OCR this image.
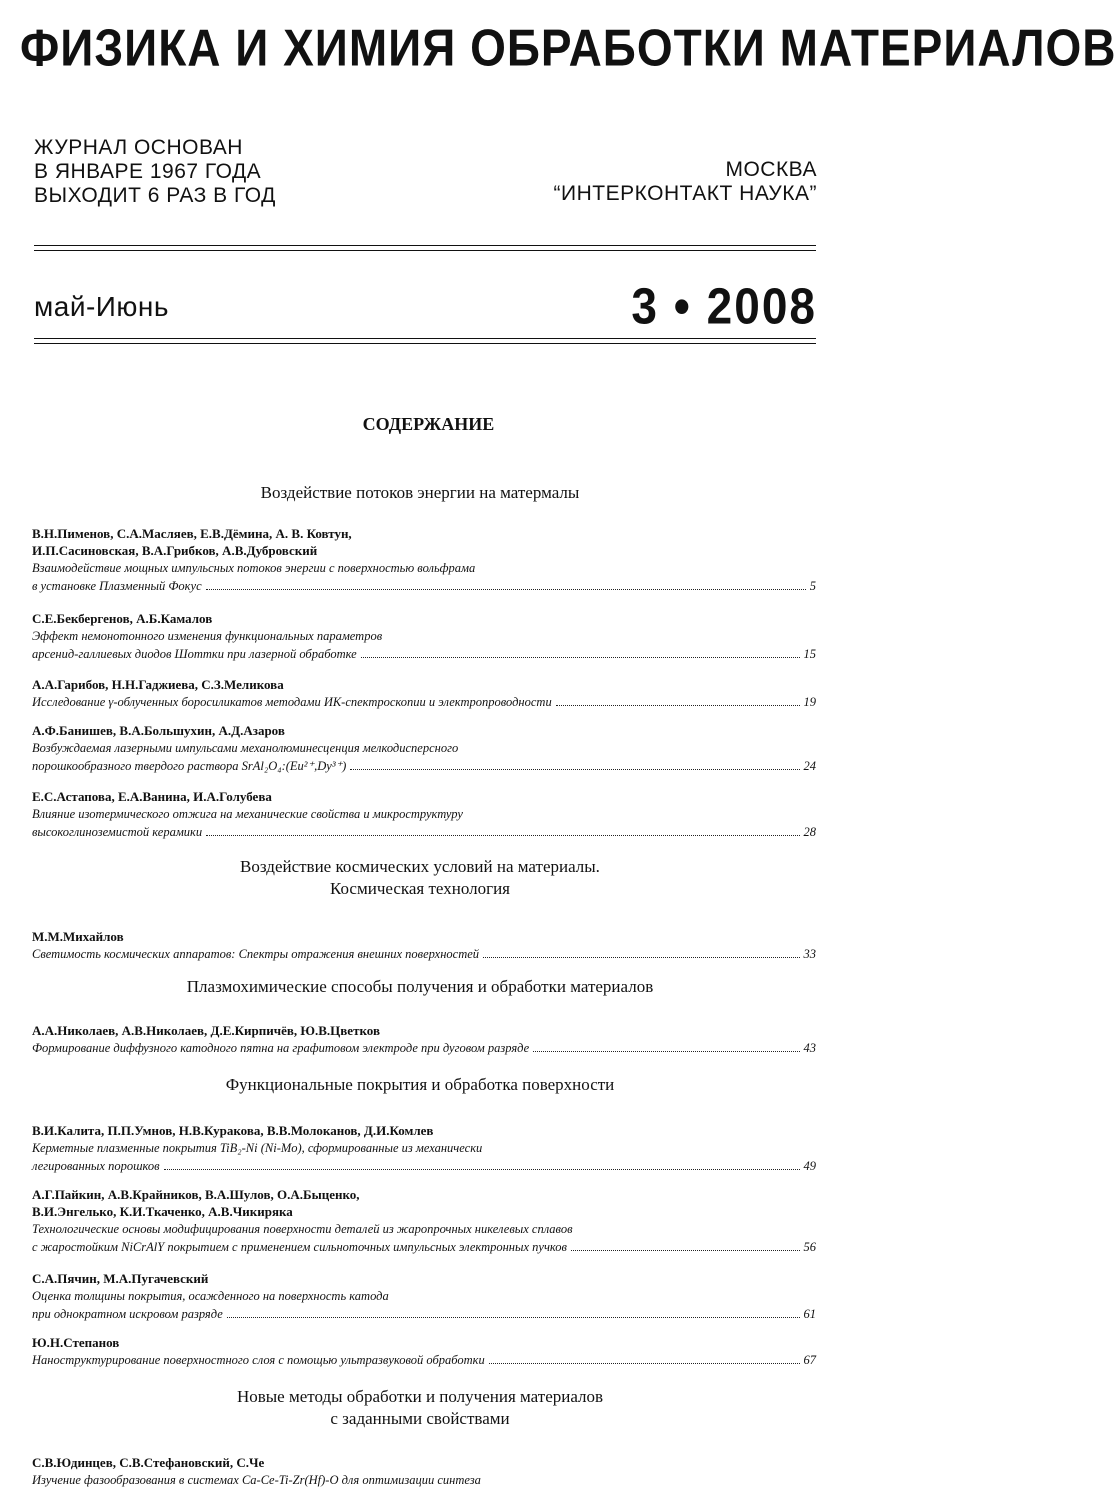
ФИЗИКА И ХИМИЯ ОБРАБОТКИ МАТЕРИАЛОВ
ЖУРНАЛ ОСНОВАН
В ЯНВАРЕ 1967 ГОДА
ВЫХОДИТ 6 РАЗ В ГОД
МОСКВА
“ИНТЕРКОНТАКТ НАУКА”
май-Июнь	3 • 2008
СОДЕРЖАНИЕ
Воздействие потоков энергии на матермалы
В.Н.Пименов, С.А.Масляев, Е.В.Дёмина, А. В. Ковтун,
И.П.Сасиновская, В.А.Грибков, А.В.Дубровский
Взаимодействие мощных импульсных потоков энергии с поверхностью вольфрама
в установке Плазменный Фокус	5
С.Е.Бекбергенов, А.Б.Камалов
Эффект немонотонного изменения функциональных параметров
арсенид-галлиевых диодов Шоттки при лазерной обработке	15
А.А.Гарибов, Н.Н.Гаджиева, С.З.Меликова
Исследование γ-облученных боросиликатов методами ИК-спектроскопии и электропроводности	19
А.Ф.Банишев, В.А.Большухин, А.Д.Азаров
Возбуждаемая лазерными импульсами механолюминесценция мелкодисперсного
порошкообразного твердого раствора SrAl₂O₄:(Eu²⁺,Dy³⁺)	24
Е.С.Астапова, Е.А.Ванина, И.А.Голубева
Влияние изотермического отжига на механические свойства и микроструктуру
высокоглиноземистой керамики	28
Воздействие космических условий на материалы.
Космическая технология
М.М.Михайлов
Светимость космических аппаратов: Спектры отражения внешних поверхностей	33
Плазмохимические способы получения и обработки материалов
А.А.Николаев, А.В.Николаев, Д.Е.Кирпичёв, Ю.В.Цветков
Формирование диффузного катодного пятна на графитовом электроде при дуговом разряде	43
Функциональные покрытия и обработка поверхности
В.И.Калита, П.П.Умнов, Н.В.Куракова, В.В.Молоканов, Д.И.Комлев
Керметные плазменные покрытия TiB₂-Ni (Ni-Mo), сформированные из механически
легированных порошков	49
А.Г.Пайкин, А.В.Крайников, В.А.Шулов, О.А.Быценко,
В.И.Энгелько, К.И.Ткаченко, А.В.Чикиряка
Технологические основы модифицирования поверхности деталей из жаропрочных никелевых сплавов
с жаростойким NiCrAlY покрытием с применением сильноточных импульсных электронных пучков	56
С.А.Пячин, М.А.Пугачевский
Оценка толщины покрытия, осажденного на поверхность катода
при однократном искровом разряде	61
Ю.Н.Степанов
Наноструктурирование поверхностного слоя с помощью ультразвуковой обработки	67
Новые методы обработки и получения материалов
с заданными свойствами
С.В.Юдинцев, С.В.Стефановский, С.Че
Изучение фазообразования в системах Ca-Ce-Ti-Zr(Hf)-O для оптимизации синтеза
